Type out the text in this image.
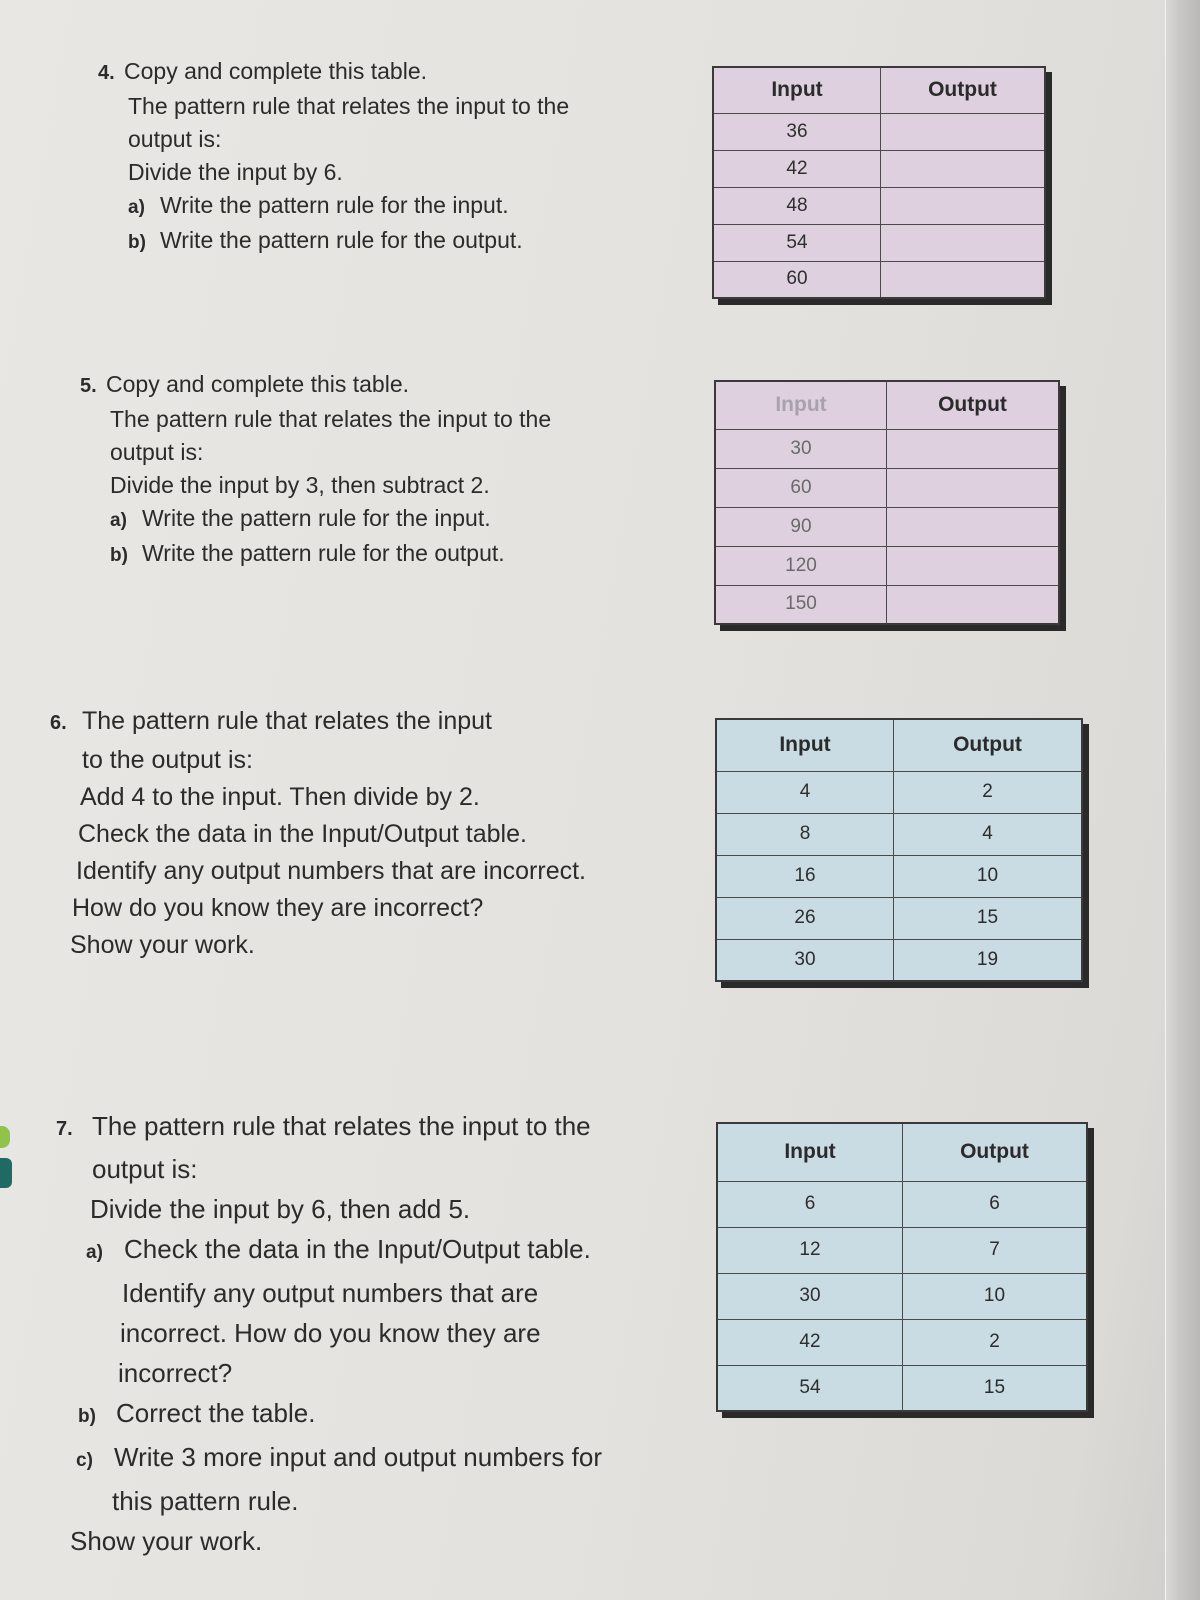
4. Copy and complete this table.
The pattern rule that relates the input to the
output is:
Divide the input by 6.
a) Write the pattern rule for the input.
b) Write the pattern rule for the output.
Input	Output
36	
42	
48	
54	
60	
5. Copy and complete this table.
The pattern rule that relates the input to the
output is:
Divide the input by 3, then subtract 2.
a) Write the pattern rule for the input.
b) Write the pattern rule for the output.
Input	Output
30	
60	
90	
120	
150	
6. The pattern rule that relates the input
to the output is:
Add 4 to the input. Then divide by 2.
Check the data in the Input/Output table.
Identify any output numbers that are incorrect.
How do you know they are incorrect?
Show your work.
Input	Output
4	2
8	4
16	10
26	15
30	19
7. The pattern rule that relates the input to the
output is:
Divide the input by 6, then add 5.
a) Check the data in the Input/Output table.
Identify any output numbers that are
incorrect. How do you know they are
incorrect?
b) Correct the table.
c) Write 3 more input and output numbers for
this pattern rule.
Show your work.
Input	Output
6	6
12	7
30	10
42	2
54	15
